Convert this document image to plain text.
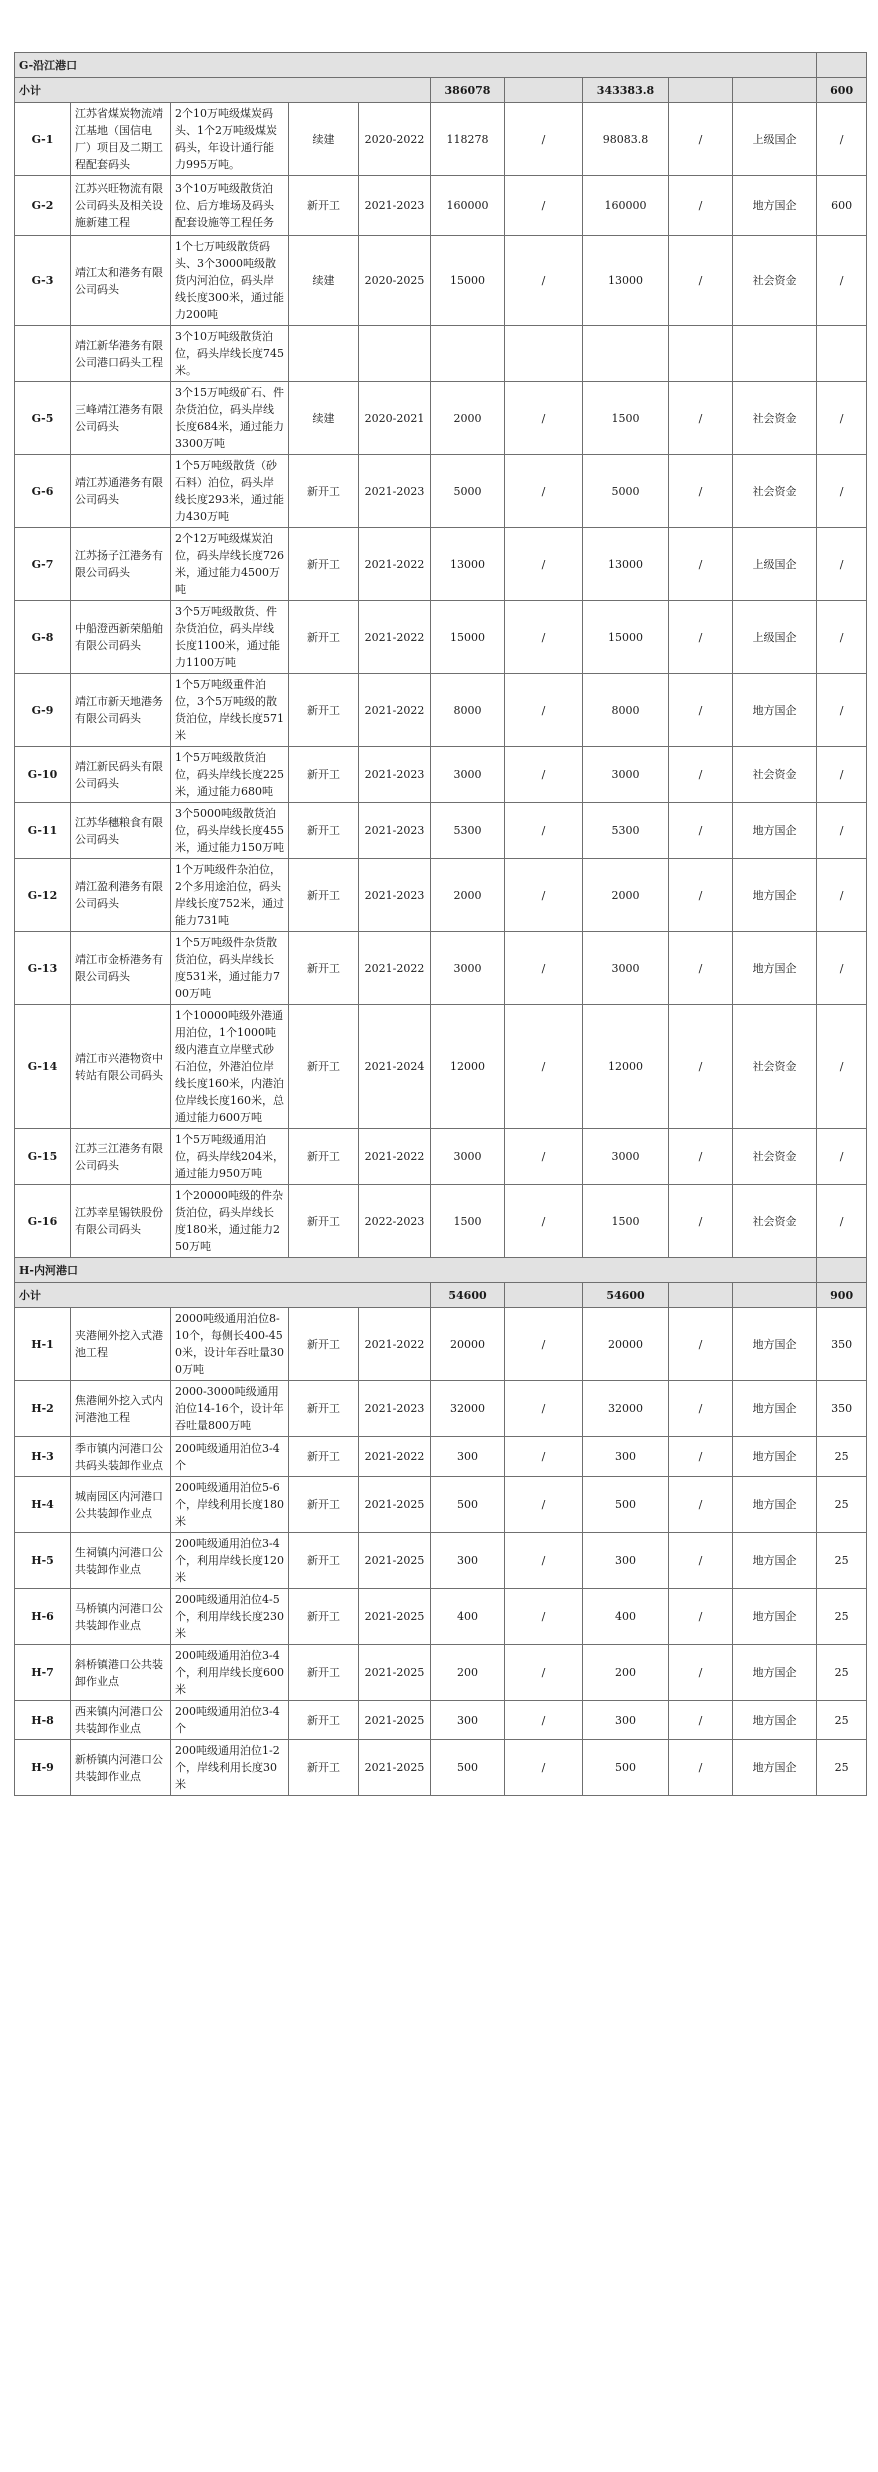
G-沿江港口										
小计					386078		343383.8			600
G-1	江苏省煤炭物流靖江基地（国信电厂）项目及二期工程配套码头	2个10万吨级煤炭码头、1个2万吨级煤炭码头，年设计通行能力995万吨。	续建	2020-2022	118278	/	98083.8	/	上级国企	/
G-2	江苏兴旺物流有限公司码头及相关设施新建工程	3个10万吨级散货泊位、后方堆场及码头配套设施等工程任务	新开工	2021-2023	160000	/	160000	/	地方国企	600
G-3	靖江太和港务有限公司码头	1个七万吨级散货码头、3个3000吨级散货内河泊位，码头岸线长度300米，通过能力200吨	续建	2020-2025	15000	/	13000	/	社会资金	/
	靖江新华港务有限公司港口码头工程	3个10万吨级散货泊位，码头岸线长度745米。								
G-5	三峰靖江港务有限公司码头	3个15万吨级矿石、件杂货泊位，码头岸线长度684米，通过能力3300万吨	续建	2020-2021	2000	/	1500	/	社会资金	/
G-6	靖江苏通港务有限公司码头	1个5万吨级散货（砂石料）泊位，码头岸线长度293米，通过能力430万吨	新开工	2021-2023	5000	/	5000	/	社会资金	/
G-7	江苏扬子江港务有限公司码头	2个12万吨级煤炭泊位，码头岸线长度726米，通过能力4500万吨	新开工	2021-2022	13000	/	13000	/	上级国企	/
G-8	中船澄西新荣船舶有限公司码头	3个5万吨级散货、件杂货泊位，码头岸线长度1100米，通过能力1100万吨	新开工	2021-2022	15000	/	15000	/	上级国企	/
G-9	靖江市新天地港务有限公司码头	1个5万吨级重件泊位，3个5万吨级的散货泊位，岸线长度571米	新开工	2021-2022	8000	/	8000	/	地方国企	/
G-10	靖江新民码头有限公司码头	1个5万吨级散货泊位，码头岸线长度225米，通过能力680吨	新开工	2021-2023	3000	/	3000	/	社会资金	/
G-11	江苏华穗粮食有限公司码头	3个5000吨级散货泊位，码头岸线长度455米，通过能力150万吨	新开工	2021-2023	5300	/	5300	/	地方国企	/
G-12	靖江盈利港务有限公司码头	1个万吨级件杂泊位，2个多用途泊位，码头岸线长度752米，通过能力731吨	新开工	2021-2023	2000	/	2000	/	地方国企	/
G-13	靖江市金桥港务有限公司码头	1个5万吨级件杂货散货泊位，码头岸线长度531米，通过能力700万吨	新开工	2021-2022	3000	/	3000	/	地方国企	/
G-14	靖江市兴港物资中转站有限公司码头	1个10000吨级外港通用泊位，1个1000吨级内港直立岸壁式砂石泊位，外港泊位岸线长度160米，内港泊位岸线长度160米，总通过能力600万吨	新开工	2021-2024	12000	/	12000	/	社会资金	/
G-15	江苏三江港务有限公司码头	1个5万吨级通用泊位，码头岸线204米，通过能力950万吨	新开工	2021-2022	3000	/	3000	/	社会资金	/
G-16	江苏幸星锡铁股份有限公司码头	1个20000吨级的件杂货泊位，码头岸线长度180米，通过能力250万吨	新开工	2022-2023	1500	/	1500	/	社会资金	/
H-内河港口										
小计					54600		54600			900
H-1	夹港闸外挖入式港池工程	2000吨级通用泊位8-10个，每侧长400-450米，设计年吞吐量300万吨	新开工	2021-2022	20000	/	20000	/	地方国企	350
H-2	焦港闸外挖入式内河港池工程	2000-3000吨级通用泊位14-16个，设计年吞吐量800万吨	新开工	2021-2023	32000	/	32000	/	地方国企	350
H-3	季市镇内河港口公共码头装卸作业点	200吨级通用泊位3-4个	新开工	2021-2022	300	/	300	/	地方国企	25
H-4	城南园区内河港口公共装卸作业点	200吨级通用泊位5-6个，岸线利用长度180米	新开工	2021-2025	500	/	500	/	地方国企	25
H-5	生祠镇内河港口公共装卸作业点	200吨级通用泊位3-4个，利用岸线长度120米	新开工	2021-2025	300	/	300	/	地方国企	25
H-6	马桥镇内河港口公共装卸作业点	200吨级通用泊位4-5个，利用岸线长度230米	新开工	2021-2025	400	/	400	/	地方国企	25
H-7	斜桥镇港口公共装卸作业点	200吨级通用泊位3-4个，利用岸线长度600米	新开工	2021-2025	200	/	200	/	地方国企	25
H-8	西来镇内河港口公共装卸作业点	200吨级通用泊位3-4个	新开工	2021-2025	300	/	300	/	地方国企	25
H-9	新桥镇内河港口公共装卸作业点	200吨级通用泊位1-2个，岸线利用长度30米	新开工	2021-2025	500	/	500	/	地方国企	25
